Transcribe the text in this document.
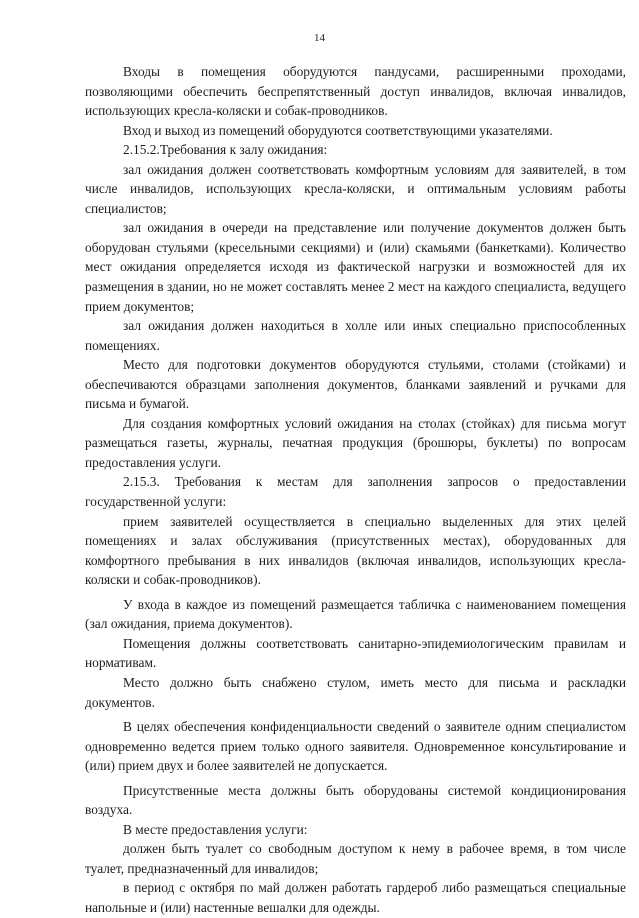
14

Входы в помещения оборудуются пандусами, расширенными проходами, позволяющими обеспечить беспрепятственный доступ инвалидов, включая инвалидов, использующих кресла-коляски и собак-проводников.

Вход и выход из помещений оборудуются соответствующими указателями.

2.15.2.Требования к залу ожидания:

зал ожидания должен соответствовать комфортным условиям для заявителей, в том числе инвалидов, использующих кресла-коляски, и оптимальным условиям работы специалистов;

зал ожидания в очереди на представление или получение документов должен быть оборудован стульями (кресельными секциями) и (или) скамьями (банкетками). Количество мест ожидания определяется исходя из фактической нагрузки и возможностей для их размещения в здании, но не может составлять менее 2 мест на каждого специалиста, ведущего прием документов;

зал ожидания должен находиться в холле или иных специально приспособленных помещениях.

Место для подготовки документов оборудуются стульями, столами (стойками) и обеспечиваются образцами заполнения документов, бланками заявлений и ручками для письма и бумагой.

Для создания комфортных условий ожидания на столах (стойках) для письма могут размещаться газеты, журналы, печатная продукция (брошюры, буклеты) по вопросам предоставления услуги.

2.15.3. Требования к местам для заполнения запросов о предоставлении государственной услуги:

прием заявителей осуществляется в специально выделенных для этих целей помещениях и залах обслуживания (присутственных местах), оборудованных для комфортного пребывания в них инвалидов (включая инвалидов, использующих кресла-коляски и собак-проводников).

У входа в каждое из помещений размещается табличка с наименованием помещения (зал ожидания, приема документов).

Помещения должны соответствовать санитарно-эпидемиологическим правилам и нормативам.

Место должно быть снабжено стулом, иметь место для письма и раскладки документов.

В целях обеспечения конфиденциальности сведений о заявителе одним специалистом одновременно ведется прием только одного заявителя. Одновременное консультирование и (или) прием двух и более заявителей не допускается.

Присутственные места должны быть оборудованы системой кондиционирования воздуха.

В месте предоставления услуги:

должен быть туалет со свободным доступом к нему в рабочее время, в том числе туалет, предназначенный для инвалидов;

в период с октября по май должен работать гардероб либо размещаться специальные напольные и (или) настенные вешалки для одежды.
